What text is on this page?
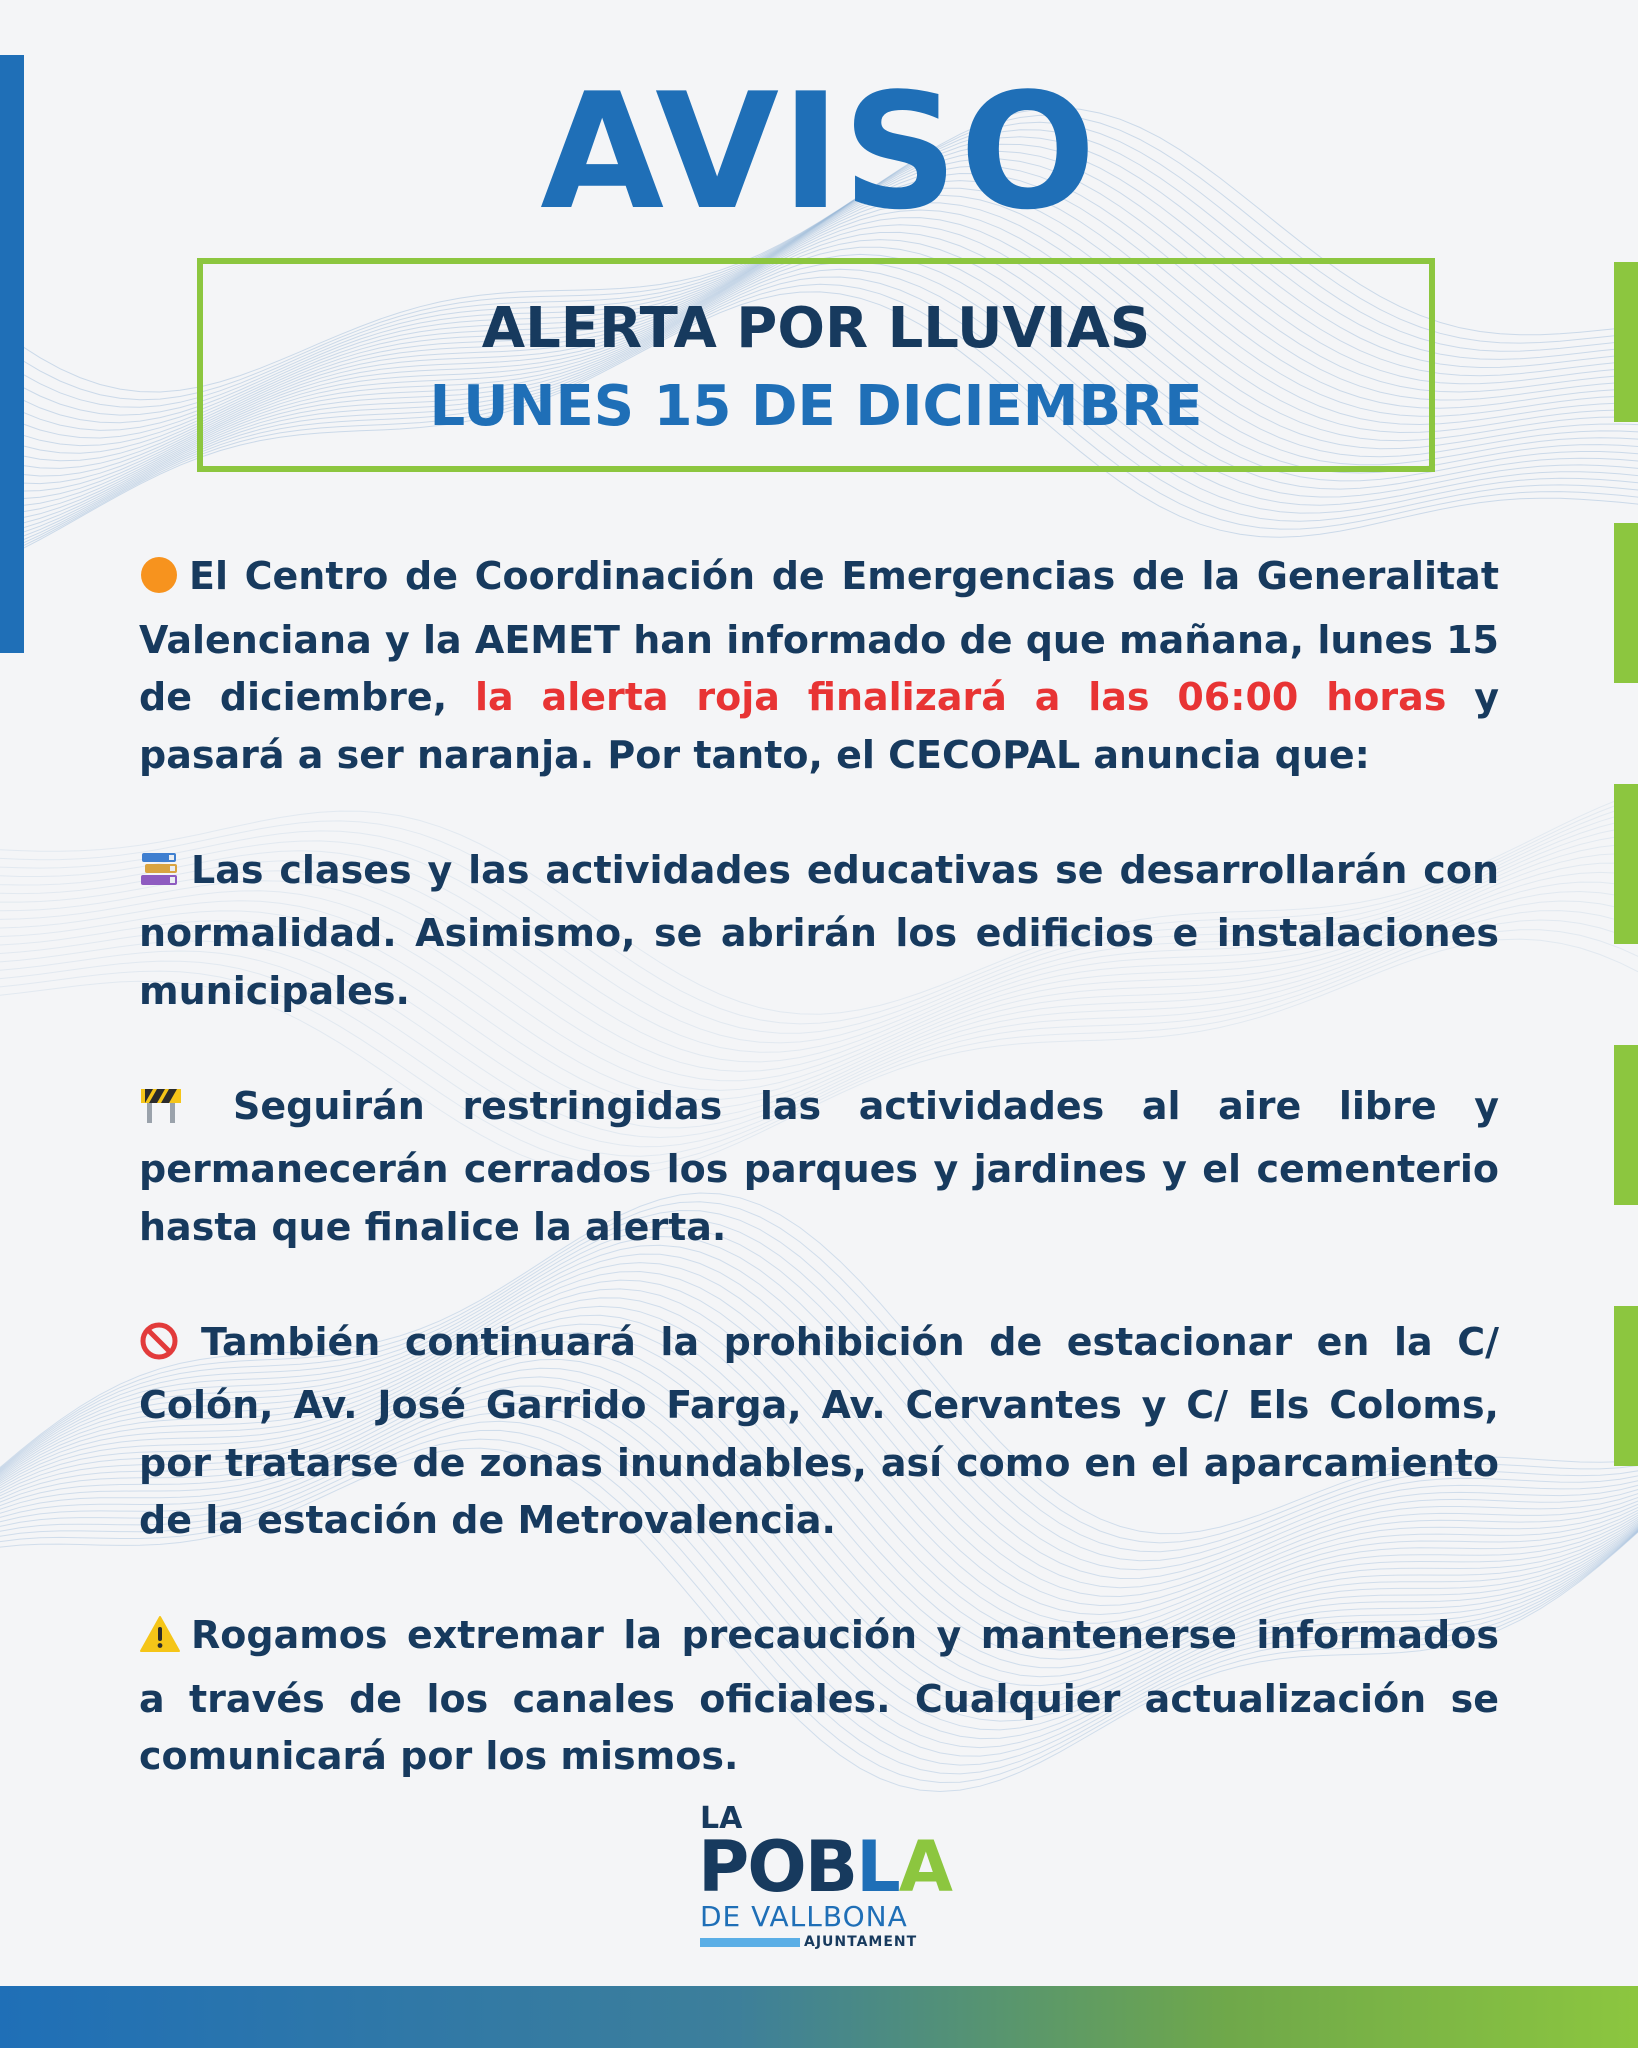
AVISO
ALERTA POR LLUVIAS
LUNES 15 DE DICIEMBRE

El Centro de Coordinación de Emergencias de la Generalitat Valenciana y la AEMET han informado de que mañana, lunes 15 de diciembre, la alerta roja finalizará a las 06:00 horas y pasará a ser naranja. Por tanto, el CECOPAL anuncia que:

Las clases y las actividades educativas se desarrollarán con normalidad. Asimismo, se abrirán los edificios e instalaciones municipales.

Seguirán restringidas las actividades al aire libre y permanecerán cerrados los parques y jardines y el cementerio hasta que finalice la alerta.

También continuará la prohibición de estacionar en la C/ Colón, Av. José Garrido Farga, Av. Cervantes y C/ Els Coloms, por tratarse de zonas inundables, así como en el aparcamiento de la estación de Metrovalencia.

Rogamos extremar la precaución y mantenerse informados a través de los canales oficiales. Cualquier actualización se comunicará por los mismos.

LA
POBLA
DE VALLBONA
AJUNTAMENT
